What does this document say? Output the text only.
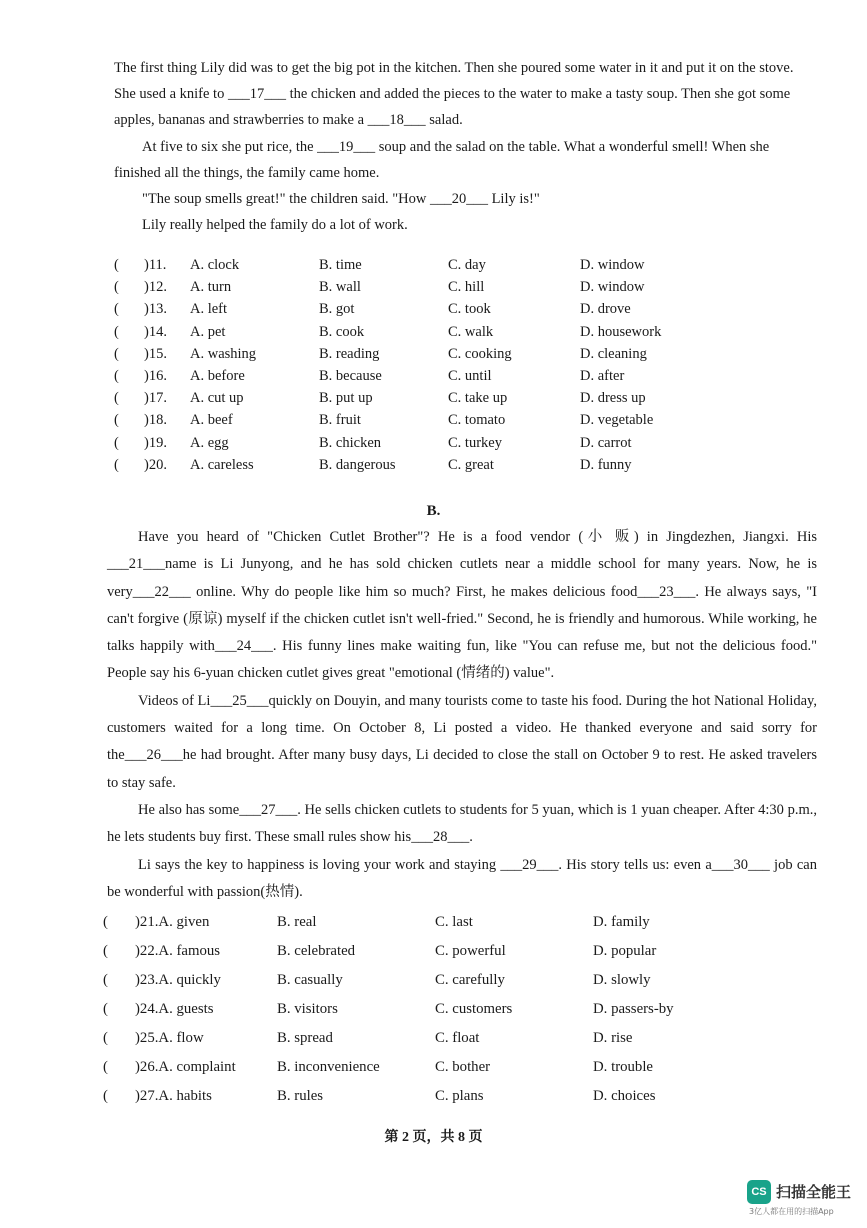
The first thing Lily did was to get the big pot in the kitchen. Then she poured some water in it and put it on the stove. She used a knife to ___17___ the chicken and added the pieces to the water to make a tasty soup. Then she got some apples, bananas and strawberries to make a ___18___ salad.

At five to six she put rice, the ___19___ soup and the salad on the table. What a wonderful smell! When she finished all the things, the family came home.

"The soup smells great!" the children said. "How ___20___ Lily is!"

Lily really helped the family do a lot of work.

( )11. A. clock	B. time	C. day	D. window
( )12. A. turn	B. wall	C. hill	D. window
( )13. A. left	B. got	C. took	D. drove
( )14. A. pet	B. cook	C. walk	D. housework
( )15. A. washing	B. reading	C. cooking	D. cleaning
( )16. A. before	B. because	C. until	D. after
( )17. A. cut up	B. put up	C. take up	D. dress up
( )18. A. beef	B. fruit	C. tomato	D. vegetable
( )19. A. egg	B. chicken	C. turkey	D. carrot
( )20. A. careless	B. dangerous	C. great	D. funny
B.

Have you heard of "Chicken Cutlet Brother"? He is a food vendor (小 贩) in Jingdezhen, Jiangxi. His ___21___name is Li Junyong, and he has sold chicken cutlets near a middle school for many years. Now, he is very___22___ online. Why do people like him so much? First, he makes delicious food___23___. He always says, "I can't forgive (原谅) myself if the chicken cutlet isn't well-fried." Second, he is friendly and humorous. While working, he talks happily with___24___. His funny lines make waiting fun, like "You can refuse me, but not the delicious food." People say his 6-yuan chicken cutlet gives great "emotional (情绪的) value".

Videos of Li___25___quickly on Douyin, and many tourists come to taste his food. During the hot National Holiday, customers waited for a long time. On October 8, Li posted a video. He thanked everyone and said sorry for the___26___he had brought. After many busy days, Li decided to close the stall on October 9 to rest. He asked travelers to stay safe.

He also has some___27___. He sells chicken cutlets to students for 5 yuan, which is 1 yuan cheaper. After 4:30 p.m., he lets students buy first. These small rules show his___28___.

Li says the key to happiness is loving your work and staying ___29___. His story tells us: even a___30___ job can be wonderful with passion(热情).

( )21.A. given	B. real	C. last	D. family
( )22.A. famous	B. celebrated	C. powerful	D. popular
( )23.A. quickly	B. casually	C. carefully	D. slowly
( )24.A. guests	B. visitors	C. customers	D. passers-by
( )25.A. flow	B. spread	C. float	D. rise
( )26.A. complaint	B. inconvenience	C. bother	D. trouble
( )27.A. habits	B. rules	C. plans	D. choices
第 2 页，共 8 页
CS 扫描全能王
3亿人都在用的扫描App
